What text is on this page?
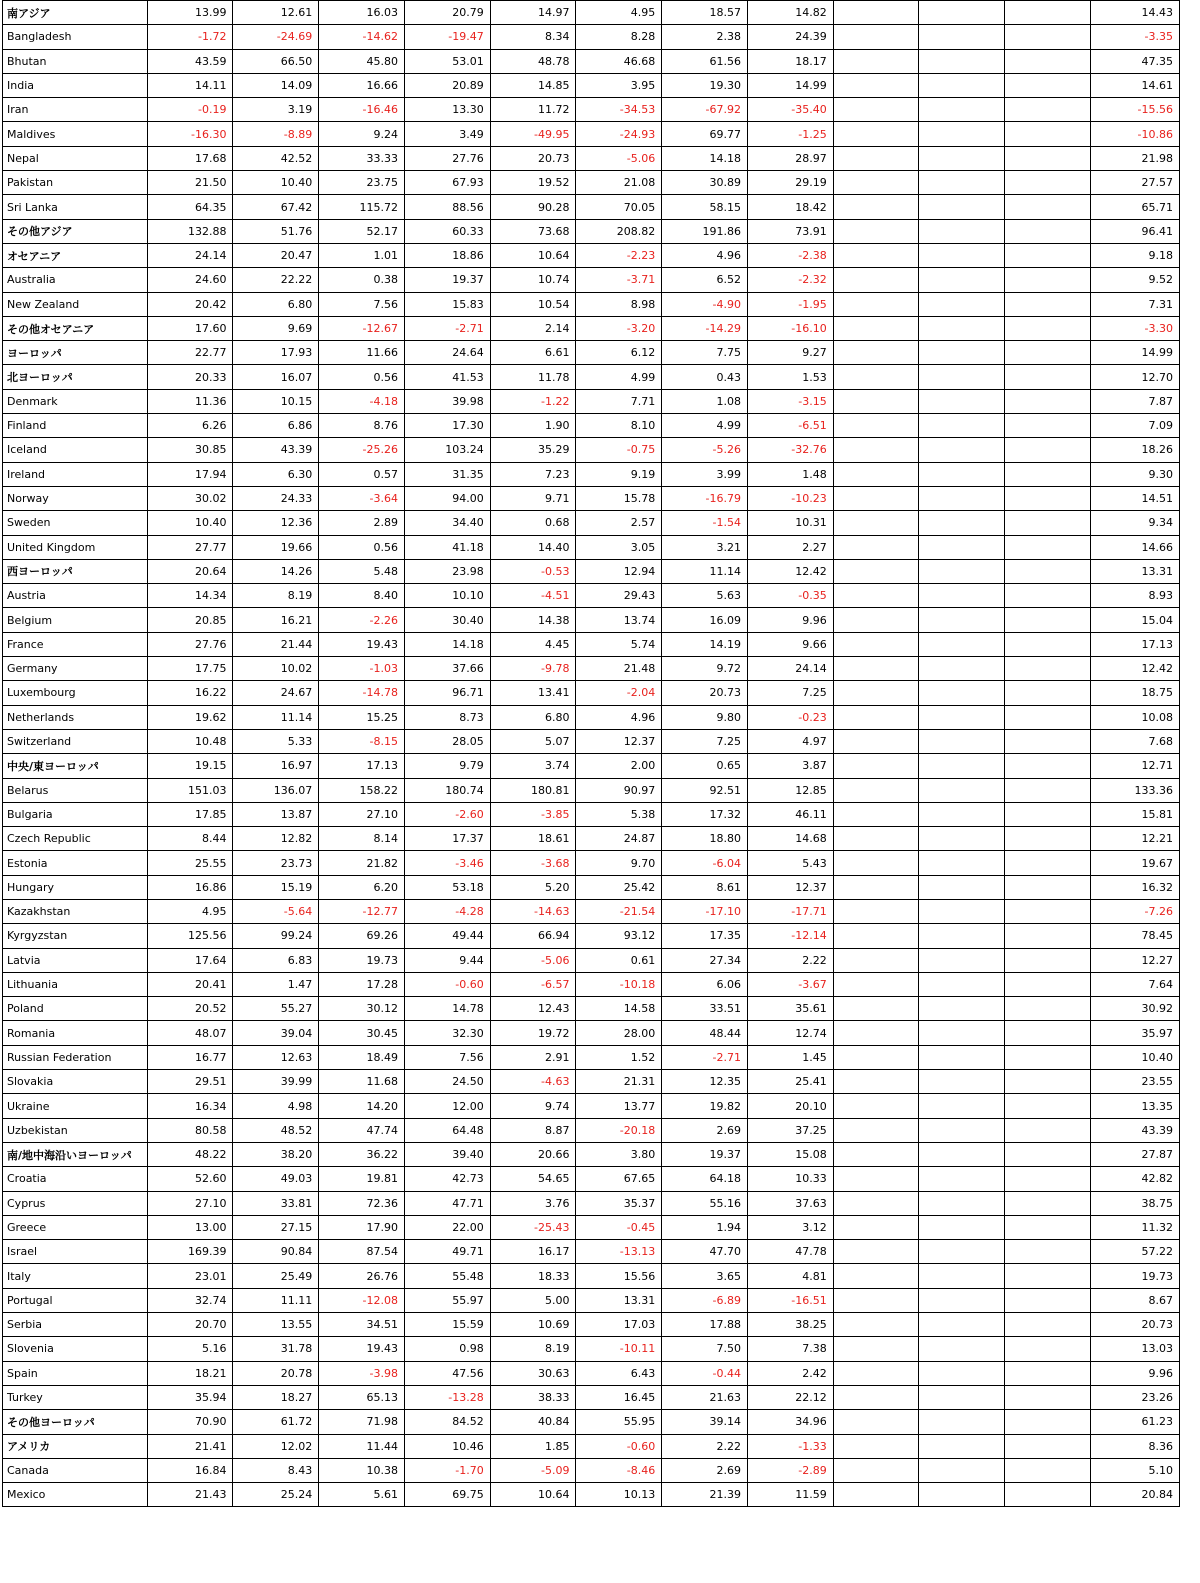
南アジア	13.99	12.61	16.03	20.79	14.97	4.95	18.57	14.82				14.43
Bangladesh	-1.72	-24.69	-14.62	-19.47	8.34	8.28	2.38	24.39				-3.35
Bhutan	43.59	66.50	45.80	53.01	48.78	46.68	61.56	18.17				47.35
India	14.11	14.09	16.66	20.89	14.85	3.95	19.30	14.99				14.61
Iran	-0.19	3.19	-16.46	13.30	11.72	-34.53	-67.92	-35.40				-15.56
Maldives	-16.30	-8.89	9.24	3.49	-49.95	-24.93	69.77	-1.25				-10.86
Nepal	17.68	42.52	33.33	27.76	20.73	-5.06	14.18	28.97				21.98
Pakistan	21.50	10.40	23.75	67.93	19.52	21.08	30.89	29.19				27.57
Sri Lanka	64.35	67.42	115.72	88.56	90.28	70.05	58.15	18.42				65.71
その他アジア	132.88	51.76	52.17	60.33	73.68	208.82	191.86	73.91				96.41
オセアニア	24.14	20.47	1.01	18.86	10.64	-2.23	4.96	-2.38				9.18
Australia	24.60	22.22	0.38	19.37	10.74	-3.71	6.52	-2.32				9.52
New Zealand	20.42	6.80	7.56	15.83	10.54	8.98	-4.90	-1.95				7.31
その他オセアニア	17.60	9.69	-12.67	-2.71	2.14	-3.20	-14.29	-16.10				-3.30
ヨーロッパ	22.77	17.93	11.66	24.64	6.61	6.12	7.75	9.27				14.99
北ヨーロッパ	20.33	16.07	0.56	41.53	11.78	4.99	0.43	1.53				12.70
Denmark	11.36	10.15	-4.18	39.98	-1.22	7.71	1.08	-3.15				7.87
Finland	6.26	6.86	8.76	17.30	1.90	8.10	4.99	-6.51				7.09
Iceland	30.85	43.39	-25.26	103.24	35.29	-0.75	-5.26	-32.76				18.26
Ireland	17.94	6.30	0.57	31.35	7.23	9.19	3.99	1.48				9.30
Norway	30.02	24.33	-3.64	94.00	9.71	15.78	-16.79	-10.23				14.51
Sweden	10.40	12.36	2.89	34.40	0.68	2.57	-1.54	10.31				9.34
United Kingdom	27.77	19.66	0.56	41.18	14.40	3.05	3.21	2.27				14.66
西ヨーロッパ	20.64	14.26	5.48	23.98	-0.53	12.94	11.14	12.42				13.31
Austria	14.34	8.19	8.40	10.10	-4.51	29.43	5.63	-0.35				8.93
Belgium	20.85	16.21	-2.26	30.40	14.38	13.74	16.09	9.96				15.04
France	27.76	21.44	19.43	14.18	4.45	5.74	14.19	9.66				17.13
Germany	17.75	10.02	-1.03	37.66	-9.78	21.48	9.72	24.14				12.42
Luxembourg	16.22	24.67	-14.78	96.71	13.41	-2.04	20.73	7.25				18.75
Netherlands	19.62	11.14	15.25	8.73	6.80	4.96	9.80	-0.23				10.08
Switzerland	10.48	5.33	-8.15	28.05	5.07	12.37	7.25	4.97				7.68
中央/東ヨーロッパ	19.15	16.97	17.13	9.79	3.74	2.00	0.65	3.87				12.71
Belarus	151.03	136.07	158.22	180.74	180.81	90.97	92.51	12.85				133.36
Bulgaria	17.85	13.87	27.10	-2.60	-3.85	5.38	17.32	46.11				15.81
Czech Republic	8.44	12.82	8.14	17.37	18.61	24.87	18.80	14.68				12.21
Estonia	25.55	23.73	21.82	-3.46	-3.68	9.70	-6.04	5.43				19.67
Hungary	16.86	15.19	6.20	53.18	5.20	25.42	8.61	12.37				16.32
Kazakhstan	4.95	-5.64	-12.77	-4.28	-14.63	-21.54	-17.10	-17.71				-7.26
Kyrgyzstan	125.56	99.24	69.26	49.44	66.94	93.12	17.35	-12.14				78.45
Latvia	17.64	6.83	19.73	9.44	-5.06	0.61	27.34	2.22				12.27
Lithuania	20.41	1.47	17.28	-0.60	-6.57	-10.18	6.06	-3.67				7.64
Poland	20.52	55.27	30.12	14.78	12.43	14.58	33.51	35.61				30.92
Romania	48.07	39.04	30.45	32.30	19.72	28.00	48.44	12.74				35.97
Russian Federation	16.77	12.63	18.49	7.56	2.91	1.52	-2.71	1.45				10.40
Slovakia	29.51	39.99	11.68	24.50	-4.63	21.31	12.35	25.41				23.55
Ukraine	16.34	4.98	14.20	12.00	9.74	13.77	19.82	20.10				13.35
Uzbekistan	80.58	48.52	47.74	64.48	8.87	-20.18	2.69	37.25				43.39
南/地中海沿いヨーロッパ	48.22	38.20	36.22	39.40	20.66	3.80	19.37	15.08				27.87
Croatia	52.60	49.03	19.81	42.73	54.65	67.65	64.18	10.33				42.82
Cyprus	27.10	33.81	72.36	47.71	3.76	35.37	55.16	37.63				38.75
Greece	13.00	27.15	17.90	22.00	-25.43	-0.45	1.94	3.12				11.32
Israel	169.39	90.84	87.54	49.71	16.17	-13.13	47.70	47.78				57.22
Italy	23.01	25.49	26.76	55.48	18.33	15.56	3.65	4.81				19.73
Portugal	32.74	11.11	-12.08	55.97	5.00	13.31	-6.89	-16.51				8.67
Serbia	20.70	13.55	34.51	15.59	10.69	17.03	17.88	38.25				20.73
Slovenia	5.16	31.78	19.43	0.98	8.19	-10.11	7.50	7.38				13.03
Spain	18.21	20.78	-3.98	47.56	30.63	6.43	-0.44	2.42				9.96
Turkey	35.94	18.27	65.13	-13.28	38.33	16.45	21.63	22.12				23.26
その他ヨーロッパ	70.90	61.72	71.98	84.52	40.84	55.95	39.14	34.96				61.23
アメリカ	21.41	12.02	11.44	10.46	1.85	-0.60	2.22	-1.33				8.36
Canada	16.84	8.43	10.38	-1.70	-5.09	-8.46	2.69	-2.89				5.10
Mexico	21.43	25.24	5.61	69.75	10.64	10.13	21.39	11.59				20.84
